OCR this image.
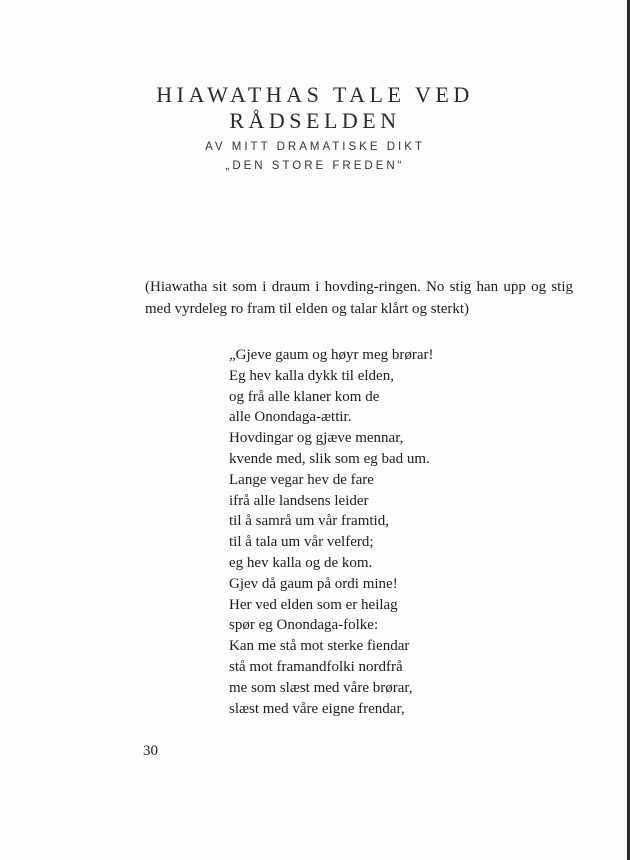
HIAWATHAS TALE VED
RÅDSELDEN
AV MITT DRAMATISKE DIKT
„DEN STORE FREDEN“
(Hiawatha sit som i draum i hovding-ringen. No stig han upp og stig med vyrdeleg ro fram til elden og talar klårt og sterkt)
„Gjeve gaum og høyr meg brørar!
Eg hev kalla dykk til elden,
og frå alle klaner kom de
alle Onondaga-ættir.
Hovdingar og gjæve mennar,
kvende med, slik som eg bad um.
Lange vegar hev de fare
ifrå alle landsens leider
til å samrå um vår framtid,
til å tala um vår velferd;
eg hev kalla og de kom.
Gjev då gaum på ordi mine!
Her ved elden som er heilag
spør eg Onondaga-folke:
Kan me stå mot sterke fiendar
stå mot framandfolki nordfrå
me som slæst med våre brørar,
slæst med våre eigne frendar,
30
